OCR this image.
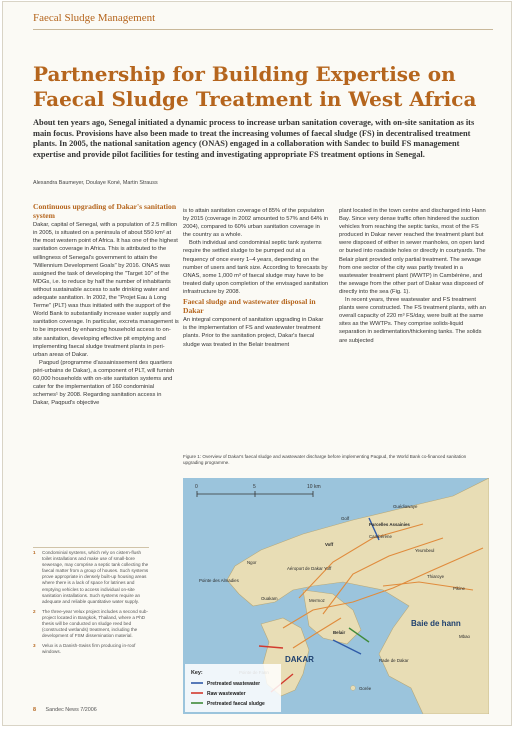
Faecal Sludge Management
Partnership for Building Expertise on Faecal Sludge Treatment in West Africa

About ten years ago, Senegal initiated a dynamic process to increase urban sanitation coverage, with on-site sanitation as its main focus. Provisions have also been made to treat the increasing volumes of faecal sludge (FS) in decentralised treatment plants. In 2005, the national sanitation agency (ONAS) engaged in a collaboration with Sandec to build FS management expertise and provide pilot facilities for testing and investigating appropriate FS treatment options in Senegal.

Alexandra Baumeyer, Doulaye Koné, Martin Strauss
Continuous upgrading of Dakar's sanitation system

Dakar, capital of Senegal, with a population of 2.5 million in 2005, is situated on a peninsula of about 550 km² at the most western point of Africa. It has one of the highest sanitation coverage in Africa. This is attributed to the willingness of Senegal's government to attain the "Millennium Development Goals" by 2016. ONAS was assigned the task of developing the "Target 10" of the MDGs, i.e. to reduce by half the number of inhabitants without sustainable access to safe drinking water and adequate sanitation. In 2002, the "Projet Eau à Long Terme" (PLT) was thus initiated with the support of the World Bank to substantially increase water supply and sanitation coverage. In particular, excreta management is to be improved by enhancing household access to on-site sanitation, developing effective pit emptying and implementing faecal sludge treatment plants in peri-urban areas of Dakar.

Paqpud (programme d'assainissement des quartiers péri-urbains de Dakar), a component of PLT, will furnish 60,000 households with on-site sanitation systems and cater for the implementation of 160 condominial schemes¹ by 2008. Regarding sanitation access in Dakar, Paqpud's objective

is to attain sanitation coverage of 85% of the population by 2015 (coverage in 2002 amounted to 57% and 64% in 2004), compared to 60% urban sanitation coverage in the country as a whole.

Both individual and condominial septic tank systems require the settled sludge to be pumped out at a frequency of once every 1–4 years, depending on the number of users and tank size. According to forecasts by ONAS, some 1,000 m³ of faecal sludge may have to be treated daily upon completion of the envisaged sanitation infrastructure by 2008.

Faecal sludge and wastewater disposal in Dakar

An integral component of sanitation upgrading in Dakar is the implementation of FS and wastewater treatment plants. Prior to the sanitation project, Dakar's faecal sludge was treated in the Belair treatment

plant located in the town centre and discharged into Hann Bay. Since very dense traffic often hindered the suction vehicles from reaching the septic tanks, most of the FS produced in Dakar never reached the treatment plant but were disposed of either in sewer manholes, on open land or buried into roadside holes or directly in courtyards. The Belair plant provided only partial treatment. The sewage from one sector of the city was partly treated in a wastewater treatment plant (WWTP) in Cambérène, and the sewage from the other part of Dakar was disposed of directly into the sea (Fig. 1).

In recent years, three wastewater and FS treatment plants were constructed. The FS treatment plants, with an overall capacity of 220 m³ FS/day, were built at the same sites as the WWTPs. They comprise solids-liquid separation in sedimentation/thickening tanks. The solids are subjected

1	Condominial systems, which rely on cistern-flush toilet installations and make use of small-bore sewerage, may comprise a septic tank collecting the faecal matter from a group of houses. Such systems prove appropriate in densely built-up housing areas where there is a lack of space for latrines and emptying vehicles to access individual on-site sanitation installations. Such systems require an adequate and reliable quantitative water supply.
2	The three-year Velux project includes a second sub-project located in Bangkok, Thailand, where a PhD thesis will be conducted on sludge reed bed (constructed wetlands) treatment, including the development of FSM dissemination material.
3	Velux is a Danish-Swiss firm producing in-roof windows.

Figure 1: Overview of Dakar's faecal sludge and wastewater discharge before implementing Paqpud, the World Bank co-financed sanitation upgrading programme.

0	5	10 km
Guédiawaye
Golf
Parcelles Assainies
Cambérène
Voff
Yeumbeul
Ngor
Pointe des Almadies
Aéroport de Dakar Yoff
Ouakam	Mermoz
Thiaroye
Pikine
Baie de hann
Belair
DAKAR	Rade de Dakar
Gorée
Mbao
Key:
Pretreated wastewater
Raw wastewater
Pretreated faecal sludge
8 Sandec News 7/2006
